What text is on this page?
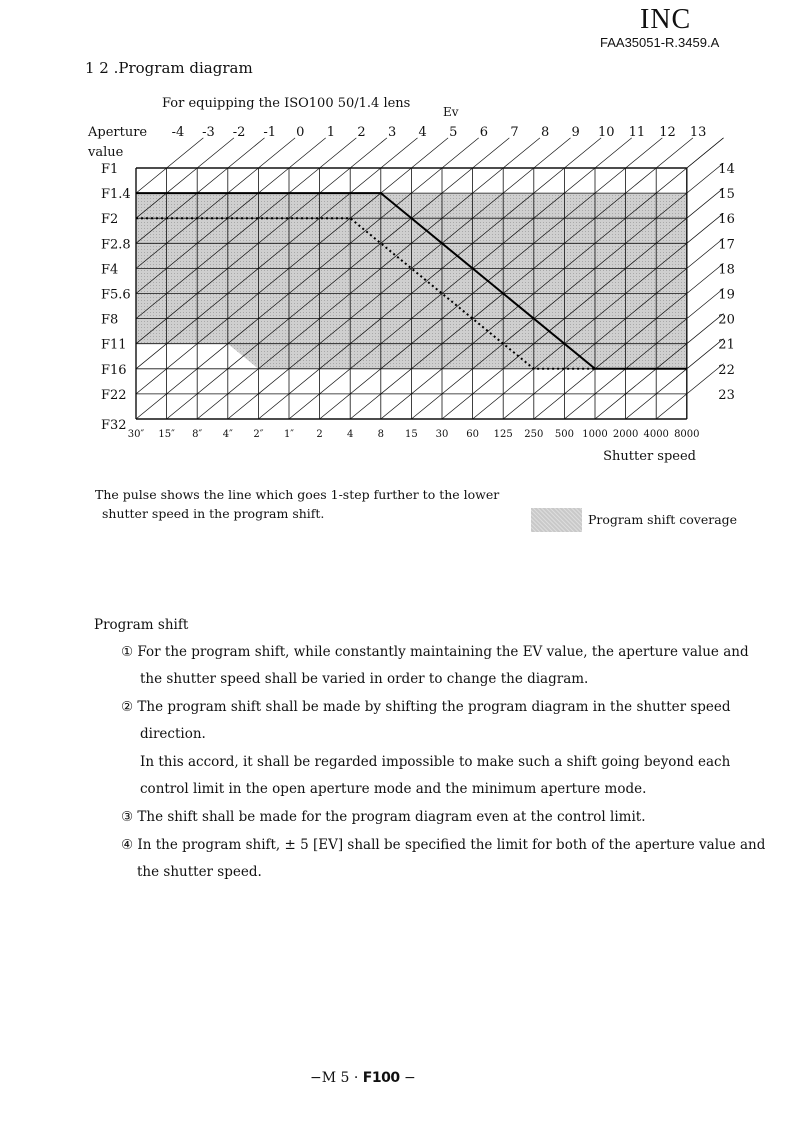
INC
FAA35051-R.3459.A
1 2 .Program diagram
For equipping the ISO100 50/1.4 lens
Ev
Aperture
value
Shutter speed
-4 -3 -2 -1 0 1 2 3 4 5 6 7 8 9 10 11 12 13
14
15
16
17
18
19
20
21
22
23
F1
F1.4
F2
F2.8
F4
F5.6
F8
F11
F16
F22
F32
30″ 15″ 8″ 4″ 2″ 1″ 2 4 8 15 30 60 125 250 500 1000 2000 4000 8000
The pulse shows the line which goes 1-step further to the lower
shutter speed in the program shift.	Program shift coverage
Program shift
① For the program shift, while constantly maintaining the EV value, the aperture value and
the shutter speed shall be varied in order to change the diagram.
② The program shift shall be made by shifting the program diagram in the shutter speed
direction.
In this accord, it shall be regarded impossible to make such a shift going beyond each
control limit in the open aperture mode and the minimum aperture mode.
③ The shift shall be made for the program diagram even at the control limit.
④ In the program shift, ± 5 [EV] shall be specified the limit for both of the aperture value and
the shutter speed.
−M 5 · F100 −
